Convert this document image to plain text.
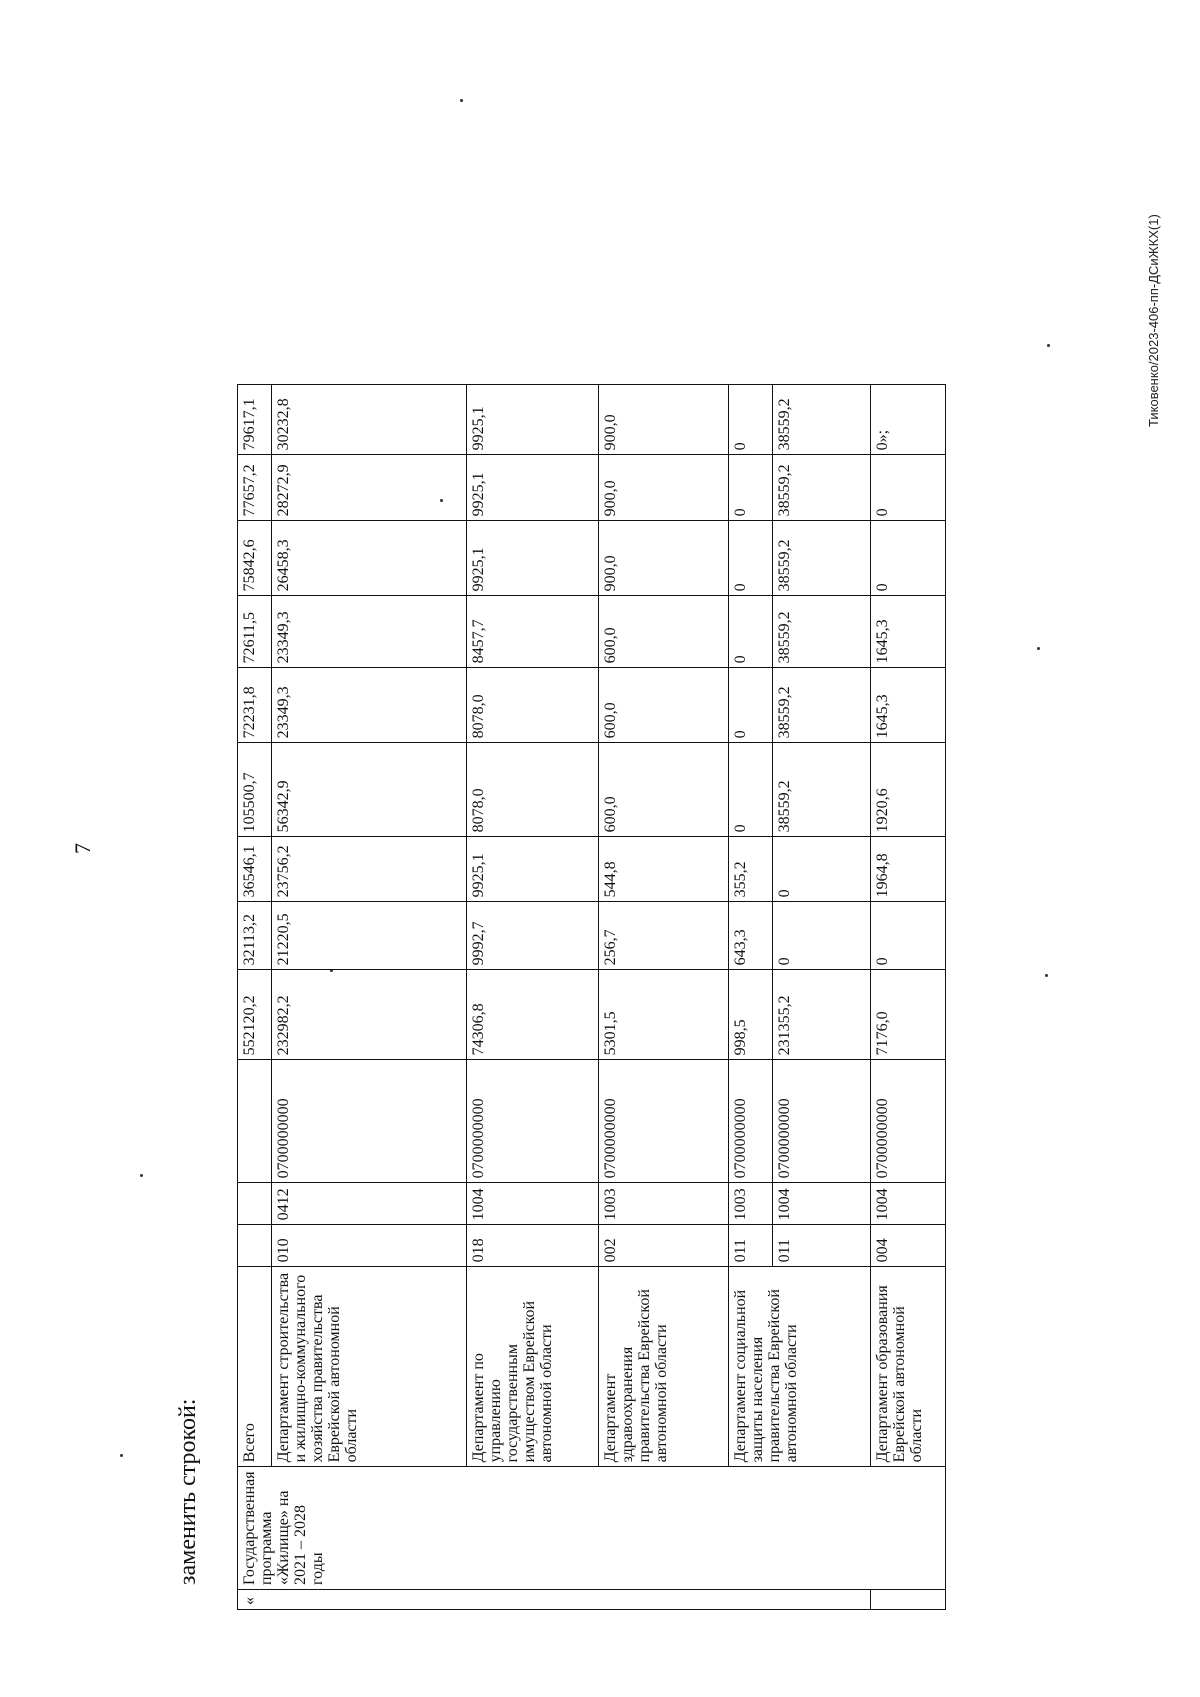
7
заменить строкой:
Тиковенко/2023-406-пп-ДСиЖКХ(1)
«	Государственная программа «Жилище» на 2021 – 2028 годы	Всего				552120,2	32113,2	36546,1	105500,7	72231,8	72611,5	75842,6	77657,2	79617,1
		Департамент строительства и жилищно-коммунального хозяйства правительства Еврейской автономной области	010	0412	0700000000	232982,2	21220,5	23756,2	56342,9	23349,3	23349,3	26458,3	28272,9	30232,8
		Департамент по управлению государственным имуществом Еврейской автономной области	018	1004	0700000000	74306,8	9992,7	9925,1	8078,0	8078,0	8457,7	9925,1	9925,1	9925,1
		Департамент здравоохранения правительства Еврейской автономной области	002	1003	0700000000	5301,5	256,7	544,8	600,0	600,0	600,0	900,0	900,0	900,0
		Департамент социальной защиты населения правительства Еврейской автономной области	011	1003	0700000000	998,5	643,3	355,2	0	0	0	0	0	0
			011	1004	0700000000	231355,2	0	0	38559,2	38559,2	38559,2	38559,2	38559,2	38559,2
		Департамент образования Еврейской автономной области	004	1004	0700000000	7176,0	0	1964,8	1920,6	1645,3	1645,3	0	0	0»;
